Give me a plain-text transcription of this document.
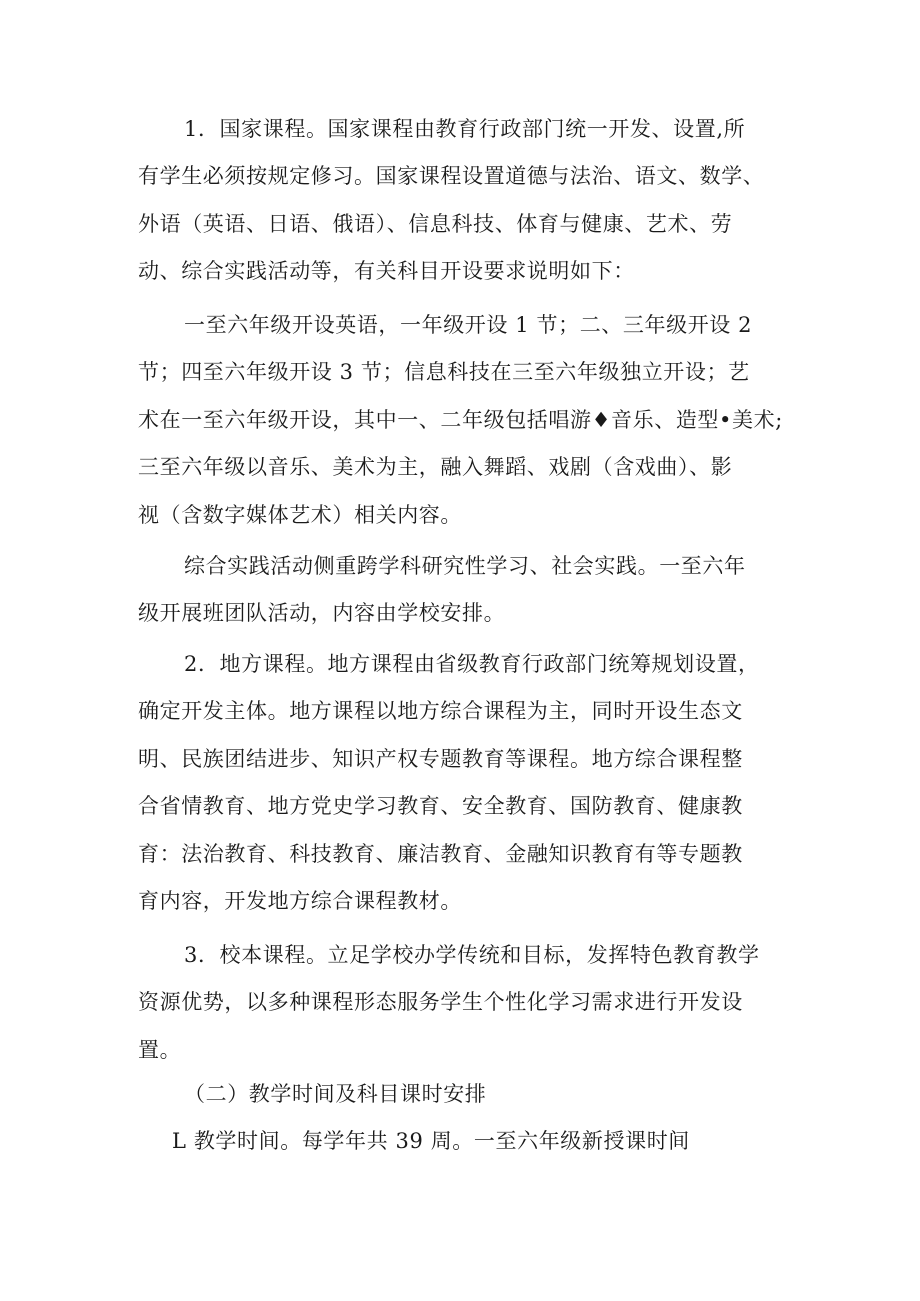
1．国家课程。国家课程由教育行政部门统一开发、设置,所
有学生必须按规定修习。国家课程设置道德与法治、语文、数学、
外语（英语、日语、俄语）、信息科技、体育与健康、艺术、劳
动、综合实践活动等，有关科目开设要求说明如下：
一至六年级开设英语，一年级开设 1 节；二、三年级开设 2
节；四至六年级开设 3 节；信息科技在三至六年级独立开设；艺
术在一至六年级开设，其中一、二年级包括唱游♦音乐、造型•美术;
三至六年级以音乐、美术为主，融入舞蹈、戏剧（含戏曲）、影
视（含数字媒体艺术）相关内容。
综合实践活动侧重跨学科研究性学习、社会实践。一至六年
级开展班团队活动，内容由学校安排。
2．地方课程。地方课程由省级教育行政部门统筹规划设置，
确定开发主体。地方课程以地方综合课程为主，同时开设生态文
明、民族团结进步、知识产权专题教育等课程。地方综合课程整
合省情教育、地方党史学习教育、安全教育、国防教育、健康教
育：法治教育、科技教育、廉洁教育、金融知识教育有等专题教
育内容，开发地方综合课程教材。
3．校本课程。立足学校办学传统和目标，发挥特色教育教学
资源优势，以多种课程形态服务学生个性化学习需求进行开发设
置。
（二）教学时间及科目课时安排
L 教学时间。每学年共 39 周。一至六年级新授课时间
